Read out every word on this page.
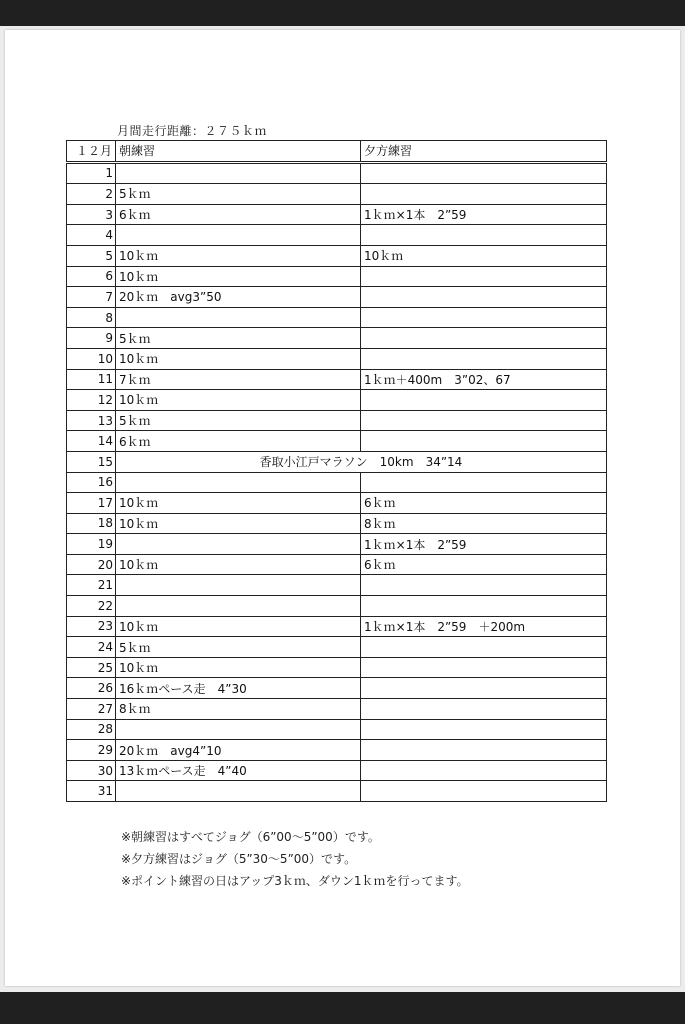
月間走行距離：２７５ｋｍ
１２月	朝練習	夕方練習
1		
2	5ｋｍ	
3	6ｋｍ	1ｋｍ×1本　2”59
4		
5	10ｋｍ	10ｋｍ
6	10ｋｍ	
7	20ｋｍ　avg3”50	
8		
9	5ｋｍ	
10	10ｋｍ	
11	7ｋｍ	1ｋｍ＋400m　3”02、67
12	10ｋｍ	
13	5ｋｍ	
14	6ｋｍ	
15	香取小江戸マラソン　10km　34”14	
16		
17	10ｋｍ	6ｋｍ
18	10ｋｍ	8ｋｍ
19		1ｋｍ×1本　2”59
20	10ｋｍ	6ｋｍ
21		
22		
23	10ｋｍ	1ｋｍ×1本　2”59　＋200m
24	5ｋｍ	
25	10ｋｍ	
26	16ｋｍペース走　4”30	
27	8ｋｍ	
28		
29	20ｋｍ　avg4”10	
30	13ｋｍペース走　4”40	
31		
※朝練習はすべてジョグ（6”00～5”00）です。
※夕方練習はジョグ（5”30～5”00）です。
※ポイント練習の日はアップ3ｋｍ、ダウン1ｋｍを行ってます。
